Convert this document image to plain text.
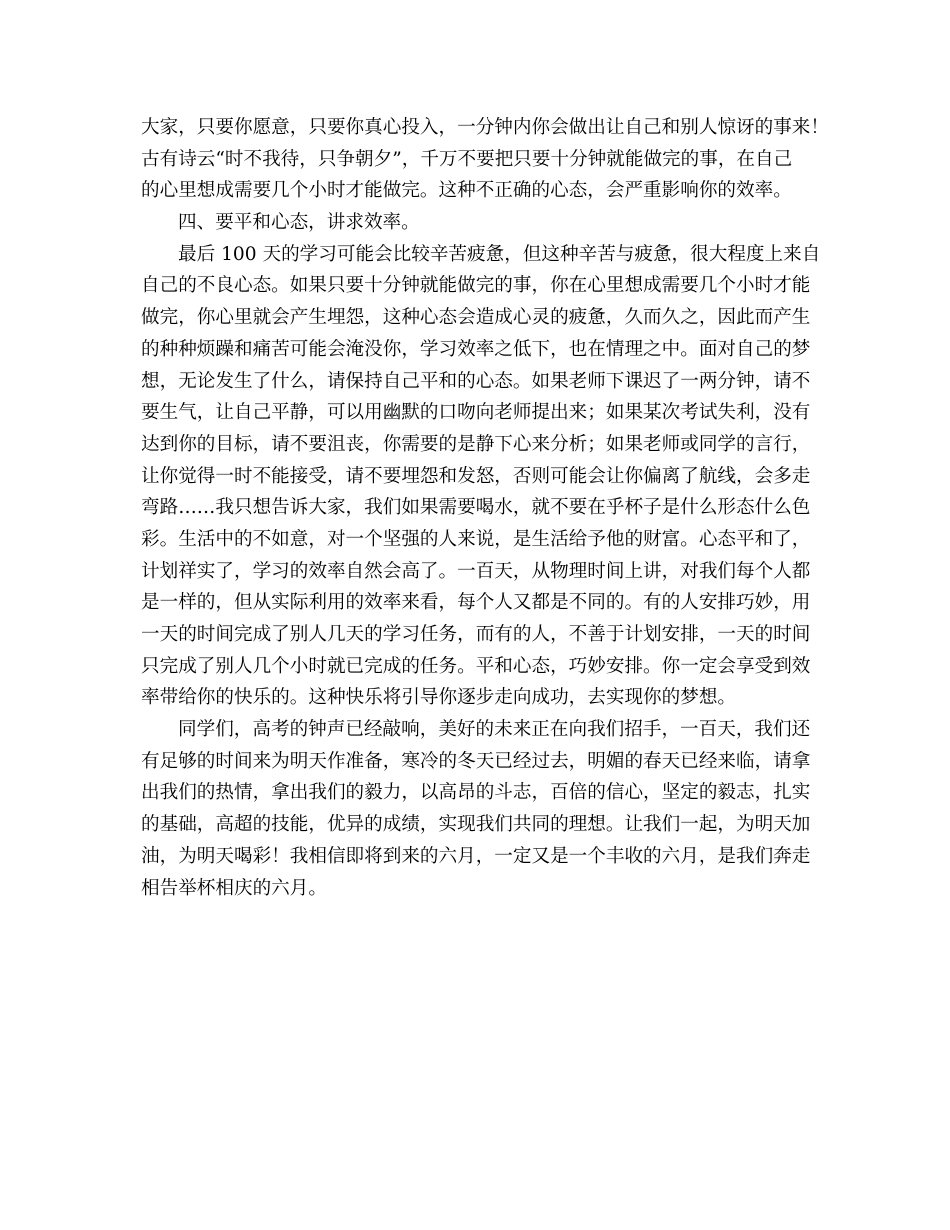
大家，只要你愿意，只要你真心投入，一分钟内你会做出让自己和别人惊讶的事来！
古有诗云“时不我待，只争朝夕”，千万不要把只要十分钟就能做完的事，在自己
的心里想成需要几个小时才能做完。这种不正确的心态，会严重影响你的效率。
四、要平和心态，讲求效率。
最后 100 天的学习可能会比较辛苦疲惫，但这种辛苦与疲惫，很大程度上来自
自己的不良心态。如果只要十分钟就能做完的事，你在心里想成需要几个小时才能
做完，你心里就会产生埋怨，这种心态会造成心灵的疲惫，久而久之，因此而产生
的种种烦躁和痛苦可能会淹没你，学习效率之低下，也在情理之中。面对自己的梦
想，无论发生了什么，请保持自己平和的心态。如果老师下课迟了一两分钟，请不
要生气，让自己平静，可以用幽默的口吻向老师提出来；如果某次考试失利，没有
达到你的目标，请不要沮丧，你需要的是静下心来分析；如果老师或同学的言行，
让你觉得一时不能接受，请不要埋怨和发怒，否则可能会让你偏离了航线，会多走
弯路……我只想告诉大家，我们如果需要喝水，就不要在乎杯子是什么形态什么色
彩。生活中的不如意，对一个坚强的人来说，是生活给予他的财富。心态平和了，
计划祥实了，学习的效率自然会高了。一百天，从物理时间上讲，对我们每个人都
是一样的，但从实际利用的效率来看，每个人又都是不同的。有的人安排巧妙，用
一天的时间完成了别人几天的学习任务，而有的人，不善于计划安排，一天的时间
只完成了别人几个小时就已完成的任务。平和心态，巧妙安排。你一定会享受到效
率带给你的快乐的。这种快乐将引导你逐步走向成功，去实现你的梦想。
同学们，高考的钟声已经敲响，美好的未来正在向我们招手，一百天，我们还
有足够的时间来为明天作准备，寒冷的冬天已经过去，明媚的春天已经来临，请拿
出我们的热情，拿出我们的毅力，以高昂的斗志，百倍的信心，坚定的毅志，扎实
的基础，高超的技能，优异的成绩，实现我们共同的理想。让我们一起，为明天加
油，为明天喝彩！我相信即将到来的六月，一定又是一个丰收的六月，是我们奔走
相告举杯相庆的六月。
